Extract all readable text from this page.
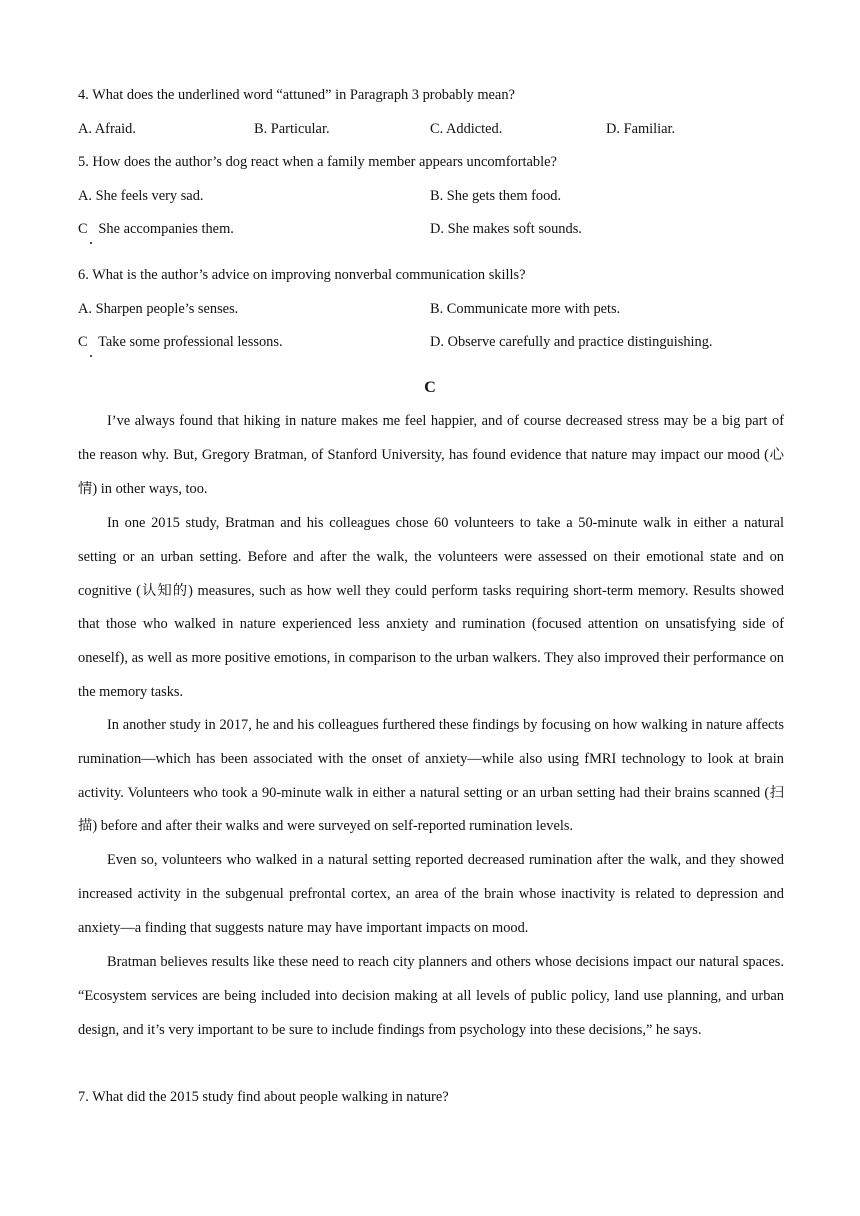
4. What does the underlined word “attuned” in Paragraph 3 probably mean?
A. Afraid.	B. Particular.	C. Addicted.	D. Familiar.
5. How does the author’s dog react when a family member appears uncomfortable?
A. She feels very sad.	B. She gets them food.
C   She accompanies them.	D. She makes soft sounds.
6. What is the author’s advice on improving nonverbal communication skills?
A. Sharpen people’s senses.	B. Communicate more with pets.
C   Take some professional lessons.	D. Observe carefully and practice distinguishing.
C

I’ve always found that hiking in nature makes me feel happier, and of course decreased stress may be a big part of the reason why. But, Gregory Bratman, of Stanford University, has found evidence that nature may impact our mood (心情) in other ways, too.

In one 2015 study, Bratman and his colleagues chose 60 volunteers to take a 50-minute walk in either a natural setting or an urban setting. Before and after the walk, the volunteers were assessed on their emotional state and on cognitive (认知的) measures, such as how well they could perform tasks requiring short-term memory. Results showed that those who walked in nature experienced less anxiety and rumination (focused attention on unsatisfying side of oneself), as well as more positive emotions, in comparison to the urban walkers. They also improved their performance on the memory tasks.

In another study in 2017, he and his colleagues furthered these findings by focusing on how walking in nature affects rumination—which has been associated with the onset of anxiety—while also using fMRI technology to look at brain activity. Volunteers who took a 90-minute walk in either a natural setting or an urban setting had their brains scanned (扫描) before and after their walks and were surveyed on self-reported rumination levels.

Even so, volunteers who walked in a natural setting reported decreased rumination after the walk, and they showed increased activity in the subgenual prefrontal cortex, an area of the brain whose inactivity is related to depression and anxiety—a finding that suggests nature may have important impacts on mood.

Bratman believes results like these need to reach city planners and others whose decisions impact our natural spaces. “Ecosystem services are being included into decision making at all levels of public policy, land use planning, and urban design, and it’s very important to be sure to include findings from psychology into these decisions,” he says.

7. What did the 2015 study find about people walking in nature?
